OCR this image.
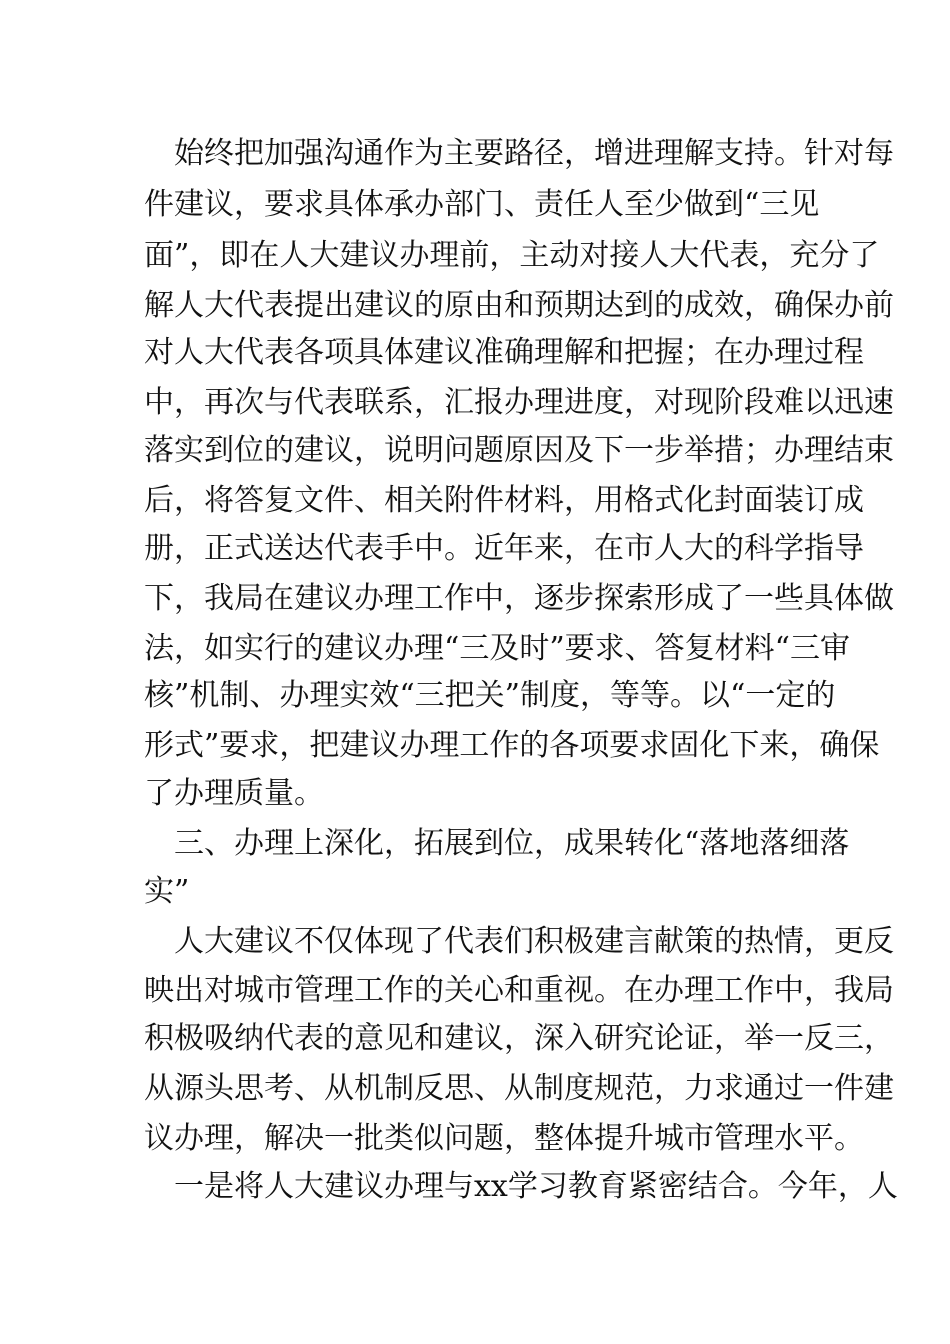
　始终把加强沟通作为主要路径，增进理解支持。针对每
件建议，要求具体承办部门、责任人至少做到“三见
面”，即在人大建议办理前，主动对接人大代表，充分了
解人大代表提出建议的原由和预期达到的成效，确保办前
对人大代表各项具体建议准确理解和把握；在办理过程
中，再次与代表联系，汇报办理进度，对现阶段难以迅速
落实到位的建议，说明问题原因及下一步举措；办理结束
后，将答复文件、相关附件材料，用格式化封面装订成
册，正式送达代表手中。近年来，在市人大的科学指导
下，我局在建议办理工作中，逐步探索形成了一些具体做
法，如实行的建议办理“三及时”要求、答复材料“三审
核”机制、办理实效“三把关”制度，等等。以“一定的
形式”要求，把建议办理工作的各项要求固化下来，确保
了办理质量。
　三、办理上深化，拓展到位，成果转化“落地落细落
实”
　人大建议不仅体现了代表们积极建言献策的热情，更反
映出对城市管理工作的关心和重视。在办理工作中，我局
积极吸纳代表的意见和建议，深入研究论证，举一反三，
从源头思考、从机制反思、从制度规范，力求通过一件建
议办理，解决一批类似问题，整体提升城市管理水平。
　一是将人大建议办理与xx学习教育紧密结合。今年，人
